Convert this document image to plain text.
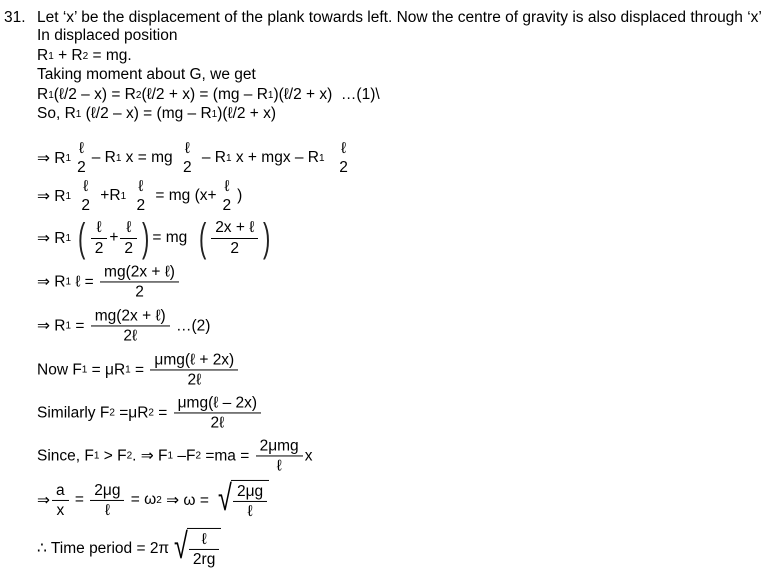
31. Let ‘x’ be the displacement of the plank towards left. Now the centre of gravity is also displaced through ‘x’
In displaced position
R 1 + R 2 = mg.
Taking moment about G, we get
R 1 (ℓ/2 – x) = R 2 (ℓ/2 + x) = (mg – R 1 )(ℓ/2 + x)  …(1)\
So, R 1 (ℓ/2 – x) = (mg – R 1 )(ℓ/2 + x)
⇒ R 1
ℓ
2
– R 1 x = mg
ℓ
2
– R 1 x + mgx – R 1

ℓ
2
⇒ R 1

ℓ
2
+R 1

ℓ
2
= mg (x+
ℓ
2
)
⇒ R 1
( $\frac{\text{ℓ}}{2} + \frac{\text{ℓ}}{2}$ ) = mg ( $\frac{\text{2x + ℓ}}{2}$ )
⇒ R 1 ℓ = $\frac{\text{mg(2x + ℓ)}}{2}$
⇒ R $1 = \frac{\text{mg(2x + ℓ)}}{\text{2ℓ}}$ …(2)
Now F 1 = μR $1 = \frac{\text{μmg(ℓ + 2x)}}{\text{2ℓ}}$
Similarly F 2 =μR $2 = \frac{\text{μmg(ℓ – 2x)}}{\text{2ℓ}}$
Since, F 1 > F 2 . ⇒ F 1 –F $2 =ma = \frac{\text{2μmg}}{\text{ℓ}}$ x
⇒ $\frac{a}{x} = \frac{2\mu g}{\text{ℓ}} = \omega$ 2 ⇒ ω = √ $\frac{2\mu g}{\text{ℓ}}$
∴ Time period = 2π √ $\frac{\text{ℓ}}{2rg}$
